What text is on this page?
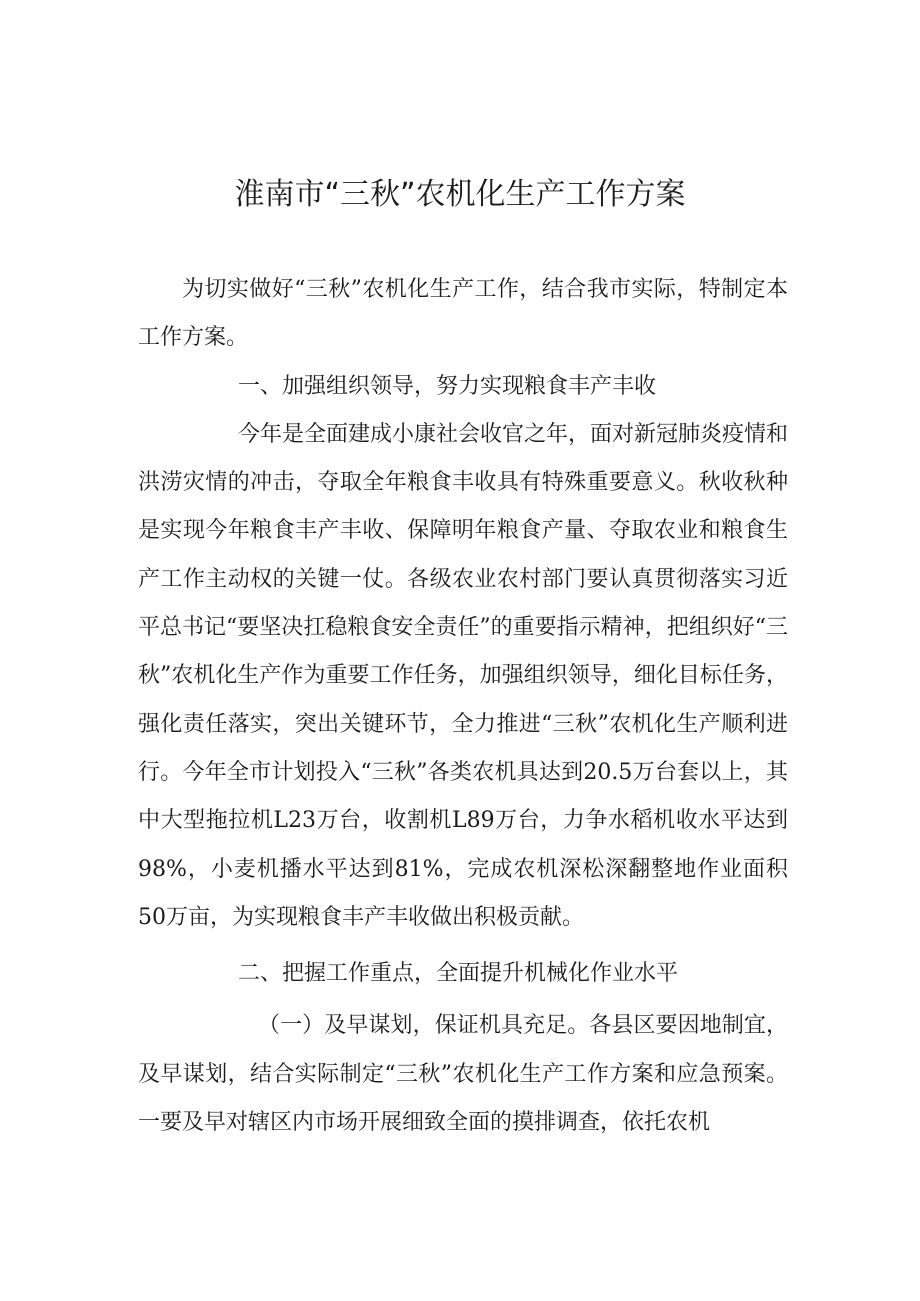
淮南市“三秋”农机化生产工作方案

为切实做好“三秋”农机化生产工作，结合我市实际，特制定本工作方案。

一、加强组织领导，努力实现粮食丰产丰收

今年是全面建成小康社会收官之年，面对新冠肺炎疫情和洪涝灾情的冲击，夺取全年粮食丰收具有特殊重要意义。秋收秋种是实现今年粮食丰产丰收、保障明年粮食产量、夺取农业和粮食生产工作主动权的关键一仗。各级农业农村部门要认真贯彻落实习近平总书记“要坚决扛稳粮食安全责任”的重要指示精神，把组织好“三秋”农机化生产作为重要工作任务，加强组织领导，细化目标任务，强化责任落实，突出关键环节，全力推进“三秋”农机化生产顺利进行。今年全市计划投入“三秋”各类农机具达到20.5万台套以上，其中大型拖拉机L23万台，收割机L89万台，力争水稻机收水平达到98%，小麦机播水平达到81%，完成农机深松深翻整地作业面积50万亩，为实现粮食丰产丰收做出积极贡献。

二、把握工作重点，全面提升机械化作业水平

（一）及早谋划，保证机具充足。各县区要因地制宜，及早谋划，结合实际制定“三秋”农机化生产工作方案和应急预案。一要及早对辖区内市场开展细致全面的摸排调查，依托农机
